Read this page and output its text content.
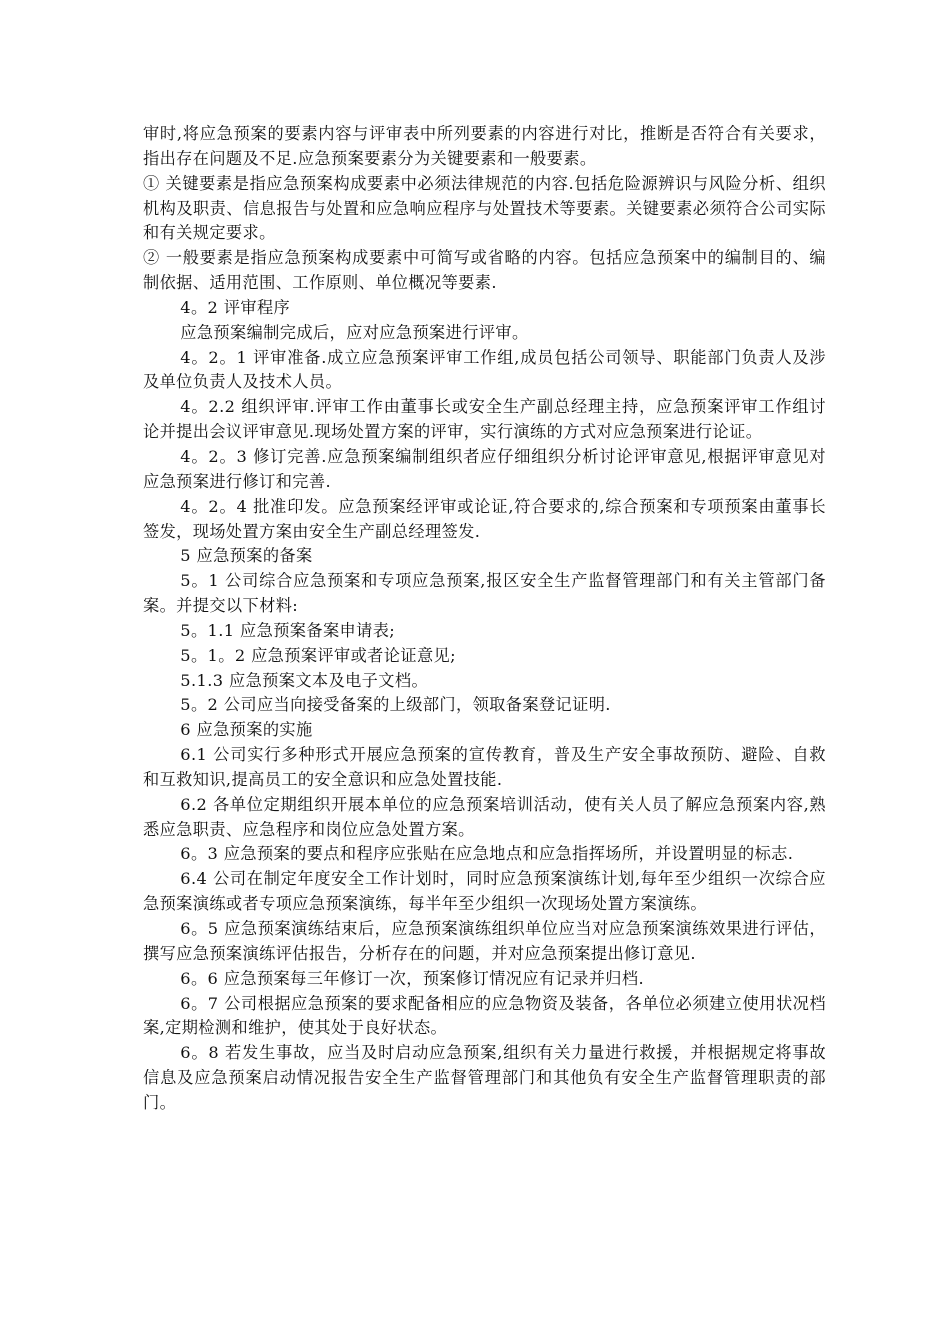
审时,将应急预案的要素内容与评审表中所列要素的内容进行对比，推断是否符合有关要求，指出存在问题及不足.应急预案要素分为关键要素和一般要素。

① 关键要素是指应急预案构成要素中必须法律规范的内容.包括危险源辨识与风险分析、组织机构及职责、信息报告与处置和应急响应程序与处置技术等要素。关键要素必须符合公司实际和有关规定要求。

② 一般要素是指应急预案构成要素中可简写或省略的内容。包括应急预案中的编制目的、编制依据、适用范围、工作原则、单位概况等要素.

4。2 评审程序

应急预案编制完成后，应对应急预案进行评审。

4。2。1 评审准备.成立应急预案评审工作组,成员包括公司领导、职能部门负责人及涉及单位负责人及技术人员。

4。2.2 组织评审.评审工作由董事长或安全生产副总经理主持，应急预案评审工作组讨论并提出会议评审意见.现场处置方案的评审，实行演练的方式对应急预案进行论证。

4。2。3 修订完善.应急预案编制组织者应仔细组织分析讨论评审意见,根据评审意见对应急预案进行修订和完善.

4。2。4 批准印发。应急预案经评审或论证,符合要求的,综合预案和专项预案由董事长签发，现场处置方案由安全生产副总经理签发.

5 应急预案的备案

5。1 公司综合应急预案和专项应急预案,报区安全生产监督管理部门和有关主管部门备案。并提交以下材料:

5。1.1 应急预案备案申请表;

5。1。2 应急预案评审或者论证意见;

5.1.3 应急预案文本及电子文档。

5。2 公司应当向接受备案的上级部门，领取备案登记证明.

6 应急预案的实施

6.1 公司实行多种形式开展应急预案的宣传教育，普及生产安全事故预防、避险、自救和互救知识,提高员工的安全意识和应急处置技能.

6.2 各单位定期组织开展本单位的应急预案培训活动，使有关人员了解应急预案内容,熟悉应急职责、应急程序和岗位应急处置方案。

6。3 应急预案的要点和程序应张贴在应急地点和应急指挥场所，并设置明显的标志.

6.4 公司在制定年度安全工作计划时，同时应急预案演练计划,每年至少组织一次综合应急预案演练或者专项应急预案演练，每半年至少组织一次现场处置方案演练。

6。5 应急预案演练结束后，应急预案演练组织单位应当对应急预案演练效果进行评估，撰写应急预案演练评估报告，分析存在的问题，并对应急预案提出修订意见.

6。6 应急预案每三年修订一次，预案修订情况应有记录并归档.

6。7 公司根据应急预案的要求配备相应的应急物资及装备，各单位必须建立使用状况档案,定期检测和维护，使其处于良好状态。

6。8 若发生事故，应当及时启动应急预案,组织有关力量进行救援，并根据规定将事故信息及应急预案启动情况报告安全生产监督管理部门和其他负有安全生产监督管理职责的部门。
